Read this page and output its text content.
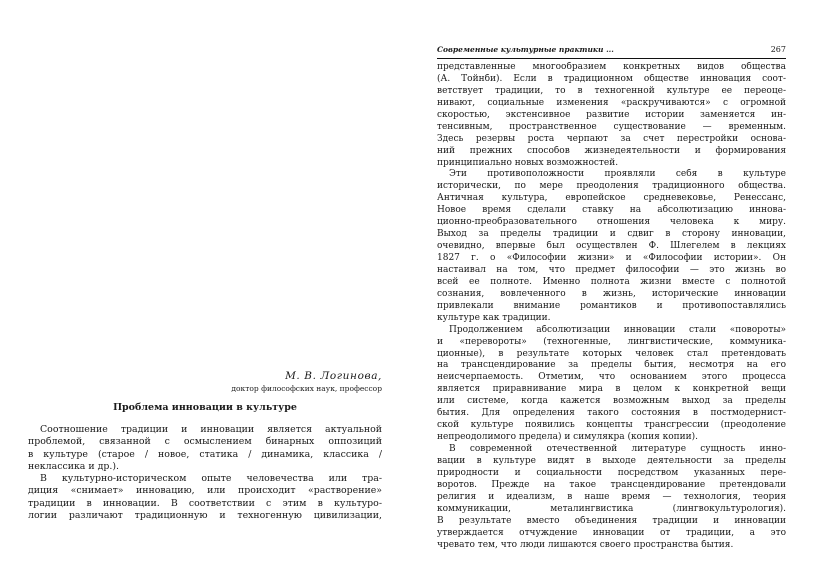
М. В. Логинова,
доктор философских наук, профессор
Проблема инновации в культуре
Соотношение традиции и инновации является актуальной
проблемой, связанной с осмыслением бинарных оппозиций
в культуре (старое / новое, статика / динамика, классика /
неклассика и др.).
В культурно-историческом опыте человечества или тра-
диция «снимает» инновацию, или происходит «растворение»
традиции в инновации. В соответствии с этим в культуро-
логии различают традиционную и техногенную цивилизации,
Современные культурные практики ...	267
представленные многообразием конкретных видов общества
(А. Тойнби). Если в традиционном обществе инновация соот-
ветствует традиции, то в техногенной культуре ее переоце-
нивают, социальные изменения «раскручиваются» с огромной
скоростью, экстенсивное развитие истории заменяется ин-
тенсивным, пространственное существование — временным.
Здесь резервы роста черпают за счет перестройки основа-
ний прежних способов жизнедеятельности и формирования
принципиально новых возможностей.
Эти противоположности проявляли себя в культуре
исторически, по мере преодоления традиционного общества.
Античная культура, европейское средневековье, Ренессанс,
Новое время сделали ставку на абсолютизацию иннова-
ционно-преобразовательного отношения человека к миру.
Выход за пределы традиции и сдвиг в сторону инновации,
очевидно, впервые был осуществлен Ф. Шлегелем в лекциях
1827 г. о «Философии жизни» и «Философии истории». Он
настаивал на том, что предмет философии — это жизнь во
всей ее полноте. Именно полнота жизни вместе с полнотой
сознания, вовлеченного в жизнь, исторические инновации
привлекали внимание романтиков и противопоставлялись
культуре как традиции.
Продолжением абсолютизации инновации стали «повороты»
и «перевороты» (техногенные, лингвистические, коммуника-
ционные), в результате которых человек стал претендовать
на трансцендирование за пределы бытия, несмотря на его
неисчерпаемость. Отметим, что основанием этого процесса
является приравнивание мира в целом к конкретной вещи
или системе, когда кажется возможным выход за пределы
бытия. Для определения такого состояния в постмодернист-
ской культуре появились концепты трансгрессии (преодоление
непреодолимого предела) и симулякра (копия копии).
В современной отечественной литературе сущность инно-
вации в культуре видят в выходе деятельности за пределы
природности и социальности посредством указанных пере-
воротов. Прежде на такое трансцендирование претендовали
религия и идеализм, в наше время — технология, теория
коммуникации, металингвистика (лингвокультурология).
В результате вместо объединения традиции и инновации
утверждается отчуждение инновации от традиции, а это
чревато тем, что люди лишаются своего пространства бытия.
